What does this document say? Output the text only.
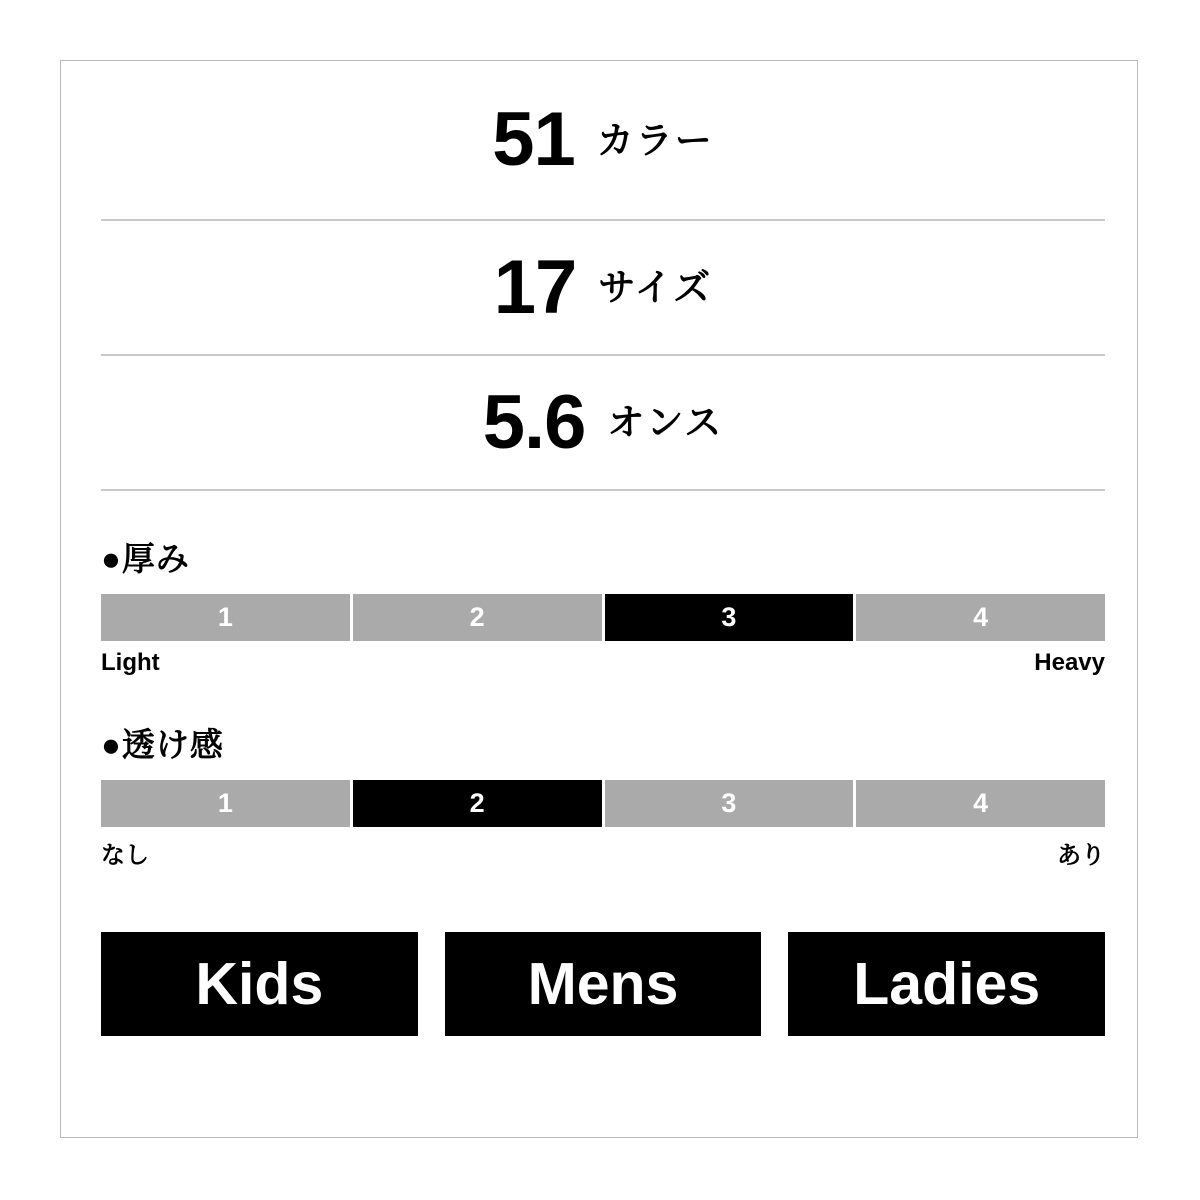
51 カラー
17 サイズ
5.6 オンス
●厚み
1	2	3	4
Light	Heavy
●透け感
1	2	3	4
なし	あり
Kids	Mens	Ladies
